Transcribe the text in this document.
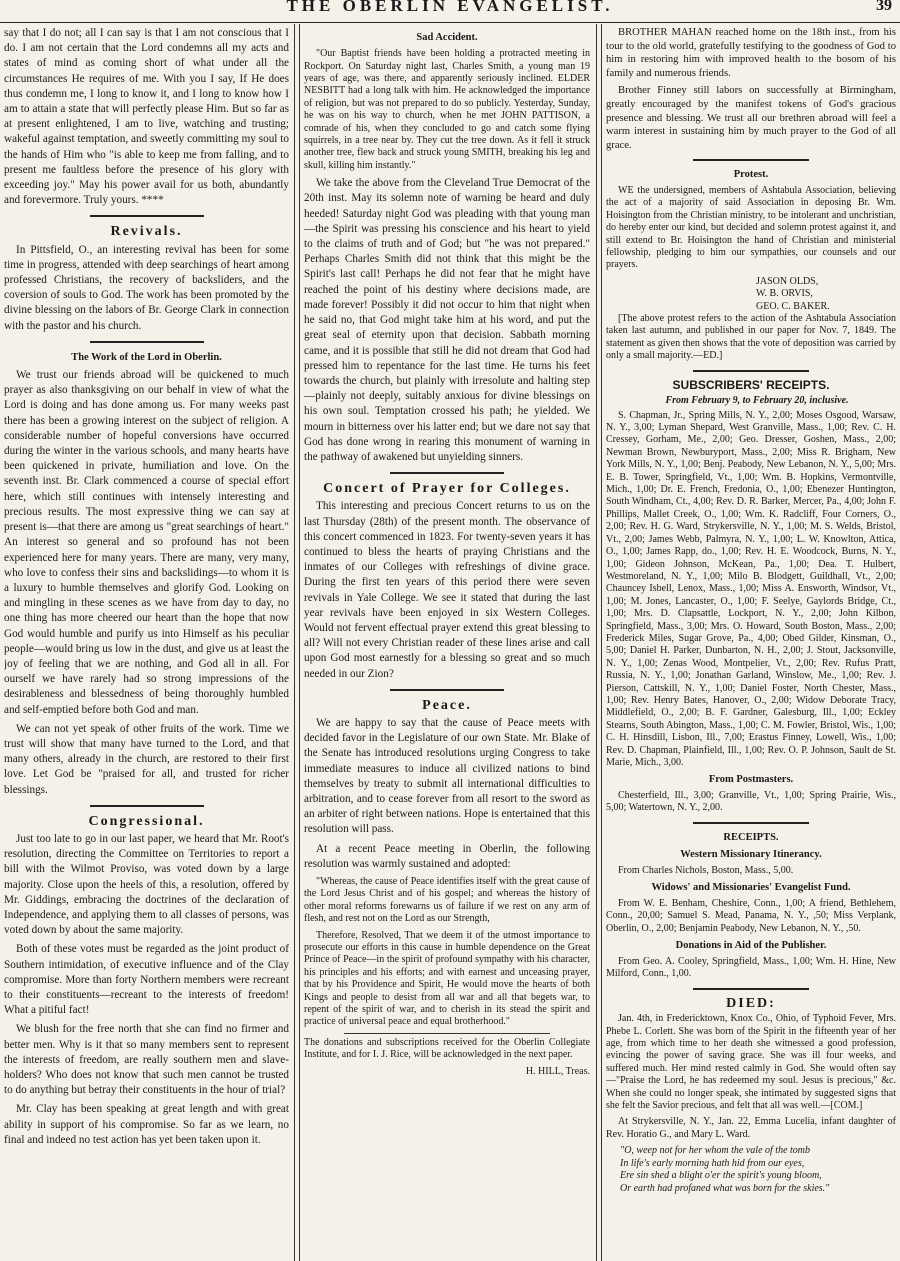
THE OBERLIN EVANGELIST.	39

say that I do not; all I can say is that I am not conscious that I do. I am not certain that the Lord condemns all my acts and states of mind as coming short of what under all the circumstances He requires of me. With you I say, If He does thus condemn me, I long to know it, and I long to know how I am to attain a state that will perfectly please Him. But so far as at present enlightened, I am to live, watching and trusting; wakeful against temptation, and sweetly committing my soul to the hands of Him who "is able to keep me from falling, and to present me faultless before the presence of his glory with exceeding joy." May his power avail for us both, abundantly and forevermore. Truly yours. ****

Revivals.

In Pittsfield, O., an interesting revival has been for some time in progress, attended with deep searchings of heart among professed Christians, the recovery of backsliders, and the coversion of souls to God. The work has been promoted by the divine blessing on the labors of Br. George Clark in connection with the pastor and his church.

The Work of the Lord in Oberlin.

We trust our friends abroad will be quickened to much prayer as also thanksgiving on our behalf in view of what the Lord is doing and has done among us. For many weeks past there has been a growing interest on the subject of religion. A considerable number of hopeful conversions have occurred during the winter in the various schools, and many hearts have been quickened in private, humiliation and love. On the seventh inst. Br. Clark commenced a course of special effort here, which still continues with intensely interesting and precious results. The most expressive thing we can say at present is—that there are among us "great searchings of heart." An interest so general and so profound has not been experienced here for many years. There are many, very many, who love to confess their sins and backslidings—to whom it is a luxury to humble themselves and glorify God. Looking on and mingling in these scenes as we have from day to day, no one thing has more cheered our heart than the hope that now God would humble and purify us into Himself as his peculiar people—would bring us low in the dust, and give us at least the joy of feeling that we are nothing, and God all in all. For ourself we have rarely had so strong impressions of the desirableness and blessedness of being thoroughly humbled and self-emptied before both God and man.

We can not yet speak of other fruits of the work. Time we trust will show that many have turned to the Lord, and that many others, already in the church, are restored to their first love. Let God be "praised for all, and trusted for richer blessings.

Congressional.

Just too late to go in our last paper, we heard that Mr. Root's resolution, directing the Committee on Territories to report a bill with the Wilmot Proviso, was voted down by a large majority. Close upon the heels of this, a resolution, offered by Mr. Giddings, embracing the doctrines of the declaration of Independence, and applying them to all classes of persons, was voted down by about the same majority.

Both of these votes must be regarded as the joint product of Southern intimidation, of executive influence and of the Clay compromise. More than forty Northern members were recreant to their constituents—recreant to the interests of freedom! What a pitiful fact!

We blush for the free north that she can find no firmer and better men. Why is it that so many members sent to represent the interests of freedom, are really southern men and slave-holders? Who does not know that such men cannot be trusted to do anything but betray their constituents in the hour of trial?

Mr. Clay has been speaking at great length and with great ability in support of his compromise. So far as we learn, no final and indeed no test action has yet been taken upon it.

Sad Accident.

"Our Baptist friends have been holding a protracted meeting in Rockport. On Saturday night last, Charles Smith, a young man 19 years of age, was there, and apparently seriously inclined. ELDER NESBITT had a long talk with him. He acknowledged the importance of religion, but was not prepared to do so publicly. Yesterday, Sunday, he was on his way to church, when he met JOHN PATTISON, a comrade of his, when they concluded to go and catch some flying squirrels, in a tree near by. They cut the tree down. As it fell it struck another tree, flew back and struck young SMITH, breaking his leg and skull, killing him instantly."

We take the above from the Cleveland True Democrat of the 20th inst. May its solemn note of warning be heard and duly heeded! Saturday night God was pleading with that young man—the Spirit was pressing his conscience and his heart to yield to the claims of truth and of God; but "he was not prepared." Perhaps Charles Smith did not think that this might be the Spirit's last call! Perhaps he did not fear that he might have reached the point of his destiny where decisions made, are made forever! Possibly it did not occur to him that night when he said no, that God might take him at his word, and put the great seal of eternity upon that decision. Sabbath morning came, and it is possible that still he did not dream that God had pressed him to repentance for the last time. He turns his feet towards the church, but plainly with irresolute and halting step—plainly not deeply, suitably anxious for divine blessings on his own soul. Temptation crossed his path; he yielded. We mourn in bitterness over his latter end; but we dare not say that God has done wrong in rearing this monument of warning in the pathway of awakened but unyielding sinners.

Concert of Prayer for Colleges.

This interesting and precious Concert returns to us on the last Thursday (28th) of the present month. The observance of this concert commenced in 1823. For twenty-seven years it has continued to bless the hearts of praying Christians and the inmates of our Colleges with refreshings of divine grace. During the first ten years of this period there were seven revivals in Yale College. We see it stated that during the last year revivals have been enjoyed in six Western Colleges. Would not fervent effectual prayer extend this great blessing to all? Will not every Christian reader of these lines arise and call upon God most earnestly for a blessing so great and so much needed in our Zion?

Peace.

We are happy to say that the cause of Peace meets with decided favor in the Legislature of our own State. Mr. Blake of the Senate has introduced resolutions urging Congress to take immediate measures to induce all civilized nations to bind themselves by treaty to submit all international difficulties to arbitration, and to cease forever from all resort to the sword as an arbiter of right between nations. Hope is entertained that this resolution will pass.

At a recent Peace meeting in Oberlin, the following resolution was warmly sustained and adopted:

"Whereas, the cause of Peace identifies itself with the great cause of the Lord Jesus Christ and of his gospel; and whereas the history of other moral reforms forewarns us of failure if we rest on any arm of flesh, and rest not on the Lord as our Strength,

Therefore, Resolved, That we deem it of the utmost importance to prosecute our efforts in this cause in humble dependence on the Great Prince of Peace—in the spirit of profound sympathy with his character, his principles and his efforts; and with earnest and unceasing prayer, that by his Providence and Spirit, He would move the hearts of both Kings and people to desist from all war and all that begets war, to repent of the spirit of war, and to cherish in its stead the spirit and practice of universal peace and equal brotherhood."

The donations and subscriptions received for the Oberlin Collegiate Institute, and for I. J. Rice, will be acknowledged in the next paper.

H. HILL, Treas.

BROTHER MAHAN reached home on the 18th inst., from his tour to the old world, gratefully testifying to the goodness of God to him in restoring him with improved health to the bosom of his family and numerous friends.

Brother Finney still labors on successfully at Birmingham, greatly encouraged by the manifest tokens of God's gracious presence and blessing. We trust all our brethren abroad will feel a warm interest in sustaining him by much prayer to the God of all grace.

Protest.

WE the undersigned, members of Ashtabula Association, believing the act of a majority of said Association in deposing Br. Wm. Hoisington from the Christian ministry, to be intolerant and unchristian, do hereby enter our kind, but decided and solemn protest against it, and still extend to Br. Hoisington the hand of Christian and ministerial fellowship, pledging to him our sympathies, our counsels and our prayers.

JASON OLDS,
W. B. ORVIS,
GEO. C. BAKER.

[The above protest refers to the action of the Ashtabula Association taken last autumn, and published in our paper for Nov. 7, 1849. The statement as given then shows that the vote of deposition was carried by only a small majority.—ED.]

SUBSCRIBERS' RECEIPTS.

From February 9, to February 20, inclusive.

S. Chapman, Jr., Spring Mills, N. Y., 2,00; Moses Osgood, Warsaw, N. Y., 3,00; Lyman Shepard, West Granville, Mass., 1,00; Rev. C. H. Cressey, Gorham, Me., 2,00; Geo. Dresser, Goshen, Mass., 2,00; Newman Brown, Newburyport, Mass., 2,00; Miss R. Brigham, New York Mills, N. Y., 1,00; Benj. Peabody, New Lebanon, N. Y., 5,00; Mrs. E. B. Tower, Springfield, Vt., 1,00; Wm. B. Hopkins, Vermontville, Mich., 1,00; Dr. E. French, Fredonia, O., 1,00; Ebenezer Huntington, South Windham, Ct., 4,00; Rev. D. R. Barker, Mercer, Pa., 4,00; John F. Phillips, Mallet Creek, O., 1,00; Wm. K. Radcliff, Four Corners, O., 2,00; Rev. H. G. Ward, Strykersville, N. Y., 1,00; M. S. Welds, Bristol, Vt., 2,00; James Webb, Palmyra, N. Y., 1,00; L. W. Knowlton, Attica, O., 1,00; James Rapp, do., 1,00; Rev. H. E. Woodcock, Burns, N. Y., 1,00; Gideon Johnson, McKean, Pa., 1,00; Dea. T. Hulbert, Westmoreland, N. Y., 1,00; Milo B. Blodgett, Guildhall, Vt., 2,00; Chauncey Isbell, Lenox, Mass., 1,00; Miss A. Ensworth, Windsor, Vt., 1,00; M. Jones, Lancaster, O., 1,00; F. Seelye, Gaylords Bridge, Ct., 1,00; Mrs. D. Clapsattle, Lockport, N. Y., 2,00; John Kilbon, Springfield, Mass., 3,00; Mrs. O. Howard, South Boston, Mass., 2,00; Frederick Miles, Sugar Grove, Pa., 4,00; Obed Gilder, Kinsman, O., 5,00; Daniel H. Parker, Dunbarton, N. H., 2,00; J. Stout, Jacksonville, N. Y., 1,00; Zenas Wood, Montpelier, Vt., 2,00; Rev. Rufus Pratt, Russia, N. Y., 1,00; Jonathan Garland, Winslow, Me., 1,00; Rev. J. Pierson, Cattskill, N. Y., 1,00; Daniel Foster, North Chester, Mass., 1,00; Rev. Henry Bates, Hanover, O., 2,00; Widow Deborate Tracy, Middlefield, O., 2,00; B. F. Gardner, Galesburg, Ill., 1,00; Eckley Stearns, South Abington, Mass., 1,00; C. M. Fowler, Bristol, Wis., 1,00; C. H. Hinsdill, Lisbon, Ill., 7,00; Erastus Finney, Lowell, Wis., 1,00; Rev. D. Chapman, Plainfield, Ill., 1,00; Rev. O. P. Johnson, Sault de St. Marie, Mich., 3,00.

From Postmasters.

Chesterfield, Ill., 3,00; Granville, Vt., 1,00; Spring Prairie, Wis., 5,00; Watertown, N. Y., 2,00.

RECEIPTS.
Western Missionary Itinerancy.

From Charles Nichols, Boston, Mass., 5,00.

Widows' and Missionaries' Evangelist Fund.

From W. E. Benham, Cheshire, Conn., 1,00; A friend, Bethlehem, Conn., 20,00; Samuel S. Mead, Panama, N. Y., ,50; Miss Verplank, Oberlin, O., 2,00; Benjamin Peabody, New Lebanon, N. Y., ,50.

Donations in Aid of the Publisher.

From Geo. A. Cooley, Springfield, Mass., 1,00; Wm. H. Hine, New Milford, Conn., 1,00.

DIED:

Jan. 4th, in Fredericktown, Knox Co., Ohio, of Typhoid Fever, Mrs. Phebe L. Corlett. She was born of the Spirit in the fifteenth year of her age, from which time to her death she witnessed a good profession, evincing the power of saving grace. She was ill four weeks, and suffered much. Her mind rested calmly in God. She would often say—"Praise the Lord, he has redeemed my soul. Jesus is precious," &c. When she could no longer speak, she intimated by suggested signs that she felt the Savior precious, and felt that all was well.—[COM.]

At Strykersville, N. Y., Jan. 22, Emma Lucelia, infant daughter of Rev. Horatio G., and Mary L. Ward.

"O, weep not for her whom the vale of the tomb
In life's early morning hath hid from our eyes,
Ere sin shed a blight o'er the spirit's young bloom,
Or earth had profaned what was born for the skies."
